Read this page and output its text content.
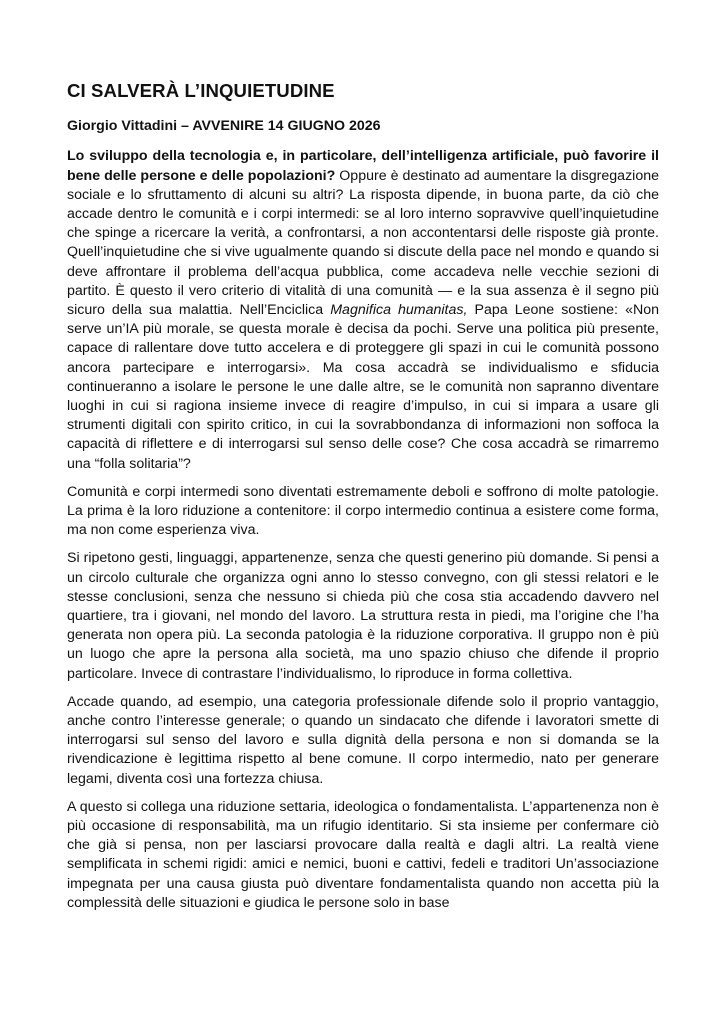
CI SALVERÀ L’INQUIETUDINE
Giorgio Vittadini – AVVENIRE 14 GIUGNO 2026

Lo sviluppo della tecnologia e, in particolare, dell’intelligenza artificiale, può favorire il bene delle persone e delle popolazioni? Oppure è destinato ad aumentare la disgregazione sociale e lo sfruttamento di alcuni su altri? La risposta dipende, in buona parte, da ciò che accade dentro le comunità e i corpi intermedi: se al loro interno sopravvive quell’inquietudine che spinge a ricercare la verità, a confrontarsi, a non accontentarsi delle risposte già pronte. Quell’inquietudine che si vive ugualmente quando si discute della pace nel mondo e quando si deve affrontare il problema dell’acqua pubblica, come accadeva nelle vecchie sezioni di partito. È questo il vero criterio di vitalità di una comunità — e la sua assenza è il segno più sicuro della sua malattia. Nell’Enciclica Magnifica humanitas, Papa Leone sostiene: «Non serve un’IA più morale, se questa morale è decisa da pochi. Serve una politica più presente, capace di rallentare dove tutto accelera e di proteggere gli spazi in cui le comunità possono ancora partecipare e interrogarsi». Ma cosa accadrà se individualismo e sfiducia continueranno a isolare le persone le une dalle altre, se le comunità non sapranno diventare luoghi in cui si ragiona insieme invece di reagire d’impulso, in cui si impara a usare gli strumenti digitali con spirito critico, in cui la sovrabbondanza di informazioni non soffoca la capacità di riflettere e di interrogarsi sul senso delle cose? Che cosa accadrà se rimarremo una “folla solitaria”?

Comunità e corpi intermedi sono diventati estremamente deboli e soffrono di molte patologie. La prima è la loro riduzione a contenitore: il corpo intermedio continua a esistere come forma, ma non come esperienza viva.

Si ripetono gesti, linguaggi, appartenenze, senza che questi generino più domande. Si pensi a un circolo culturale che organizza ogni anno lo stesso convegno, con gli stessi relatori e le stesse conclusioni, senza che nessuno si chieda più che cosa stia accadendo davvero nel quartiere, tra i giovani, nel mondo del lavoro. La struttura resta in piedi, ma l’origine che l’ha generata non opera più. La seconda patologia è la riduzione corporativa. Il gruppo non è più un luogo che apre la persona alla società, ma uno spazio chiuso che difende il proprio particolare. Invece di contrastare l’individualismo, lo riproduce in forma collettiva.

Accade quando, ad esempio, una categoria professionale difende solo il proprio vantaggio, anche contro l’interesse generale; o quando un sindacato che difende i lavoratori smette di interrogarsi sul senso del lavoro e sulla dignità della persona e non si domanda se la rivendicazione è legittima rispetto al bene comune. Il corpo intermedio, nato per generare legami, diventa così una fortezza chiusa.

A questo si collega una riduzione settaria, ideologica o fondamentalista. L’appartenenza non è più occasione di responsabilità, ma un rifugio identitario. Si sta insieme per confermare ciò che già si pensa, non per lasciarsi provocare dalla realtà e dagli altri. La realtà viene semplificata in schemi rigidi: amici e nemici, buoni e cattivi, fedeli e traditori Un’associazione impegnata per una causa giusta può diventare fondamentalista quando non accetta più la complessità delle situazioni e giudica le persone solo in base
